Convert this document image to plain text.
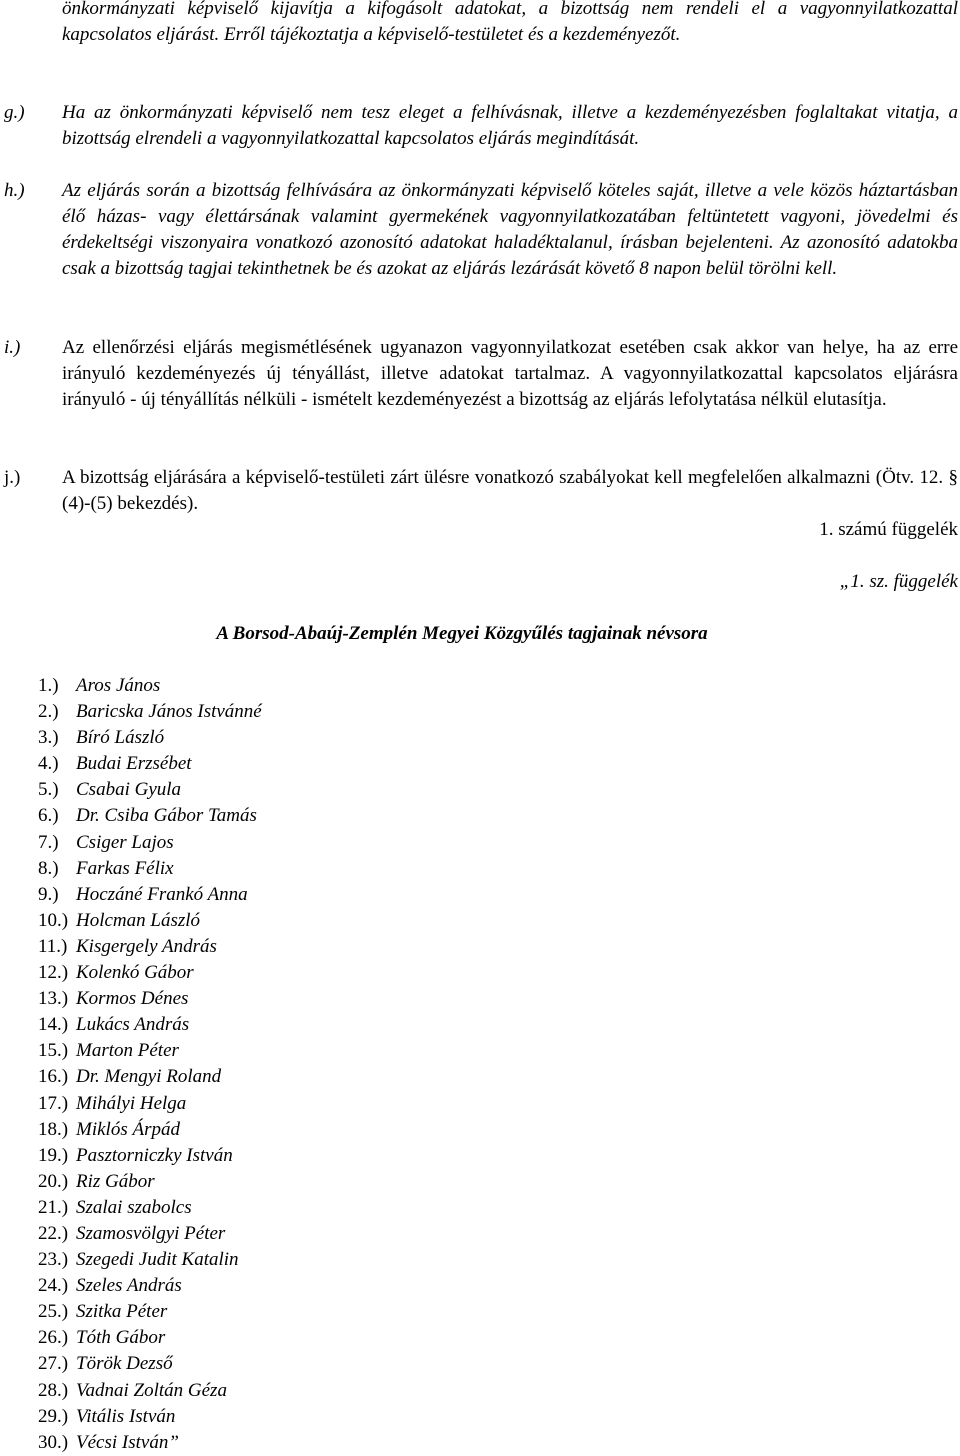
önkormányzati képviselő kijavítja a kifogásolt adatokat, a bizottság nem rendeli el a vagyonnyilatkozattal kapcsolatos eljárást. Erről tájékoztatja a képviselő-testületet és a kezdeményezőt.
g.) Ha az önkormányzati képviselő nem tesz eleget a felhívásnak, illetve a kezdeményezésben foglaltakat vitatja, a bizottság elrendeli a vagyonnyilatkozattal kapcsolatos eljárás megindítását.
h.) Az eljárás során a bizottság felhívására az önkormányzati képviselő köteles saját, illetve a vele közös háztartásban élő házas- vagy élettársának valamint gyermekének vagyonnyilatkozatában feltüntetett vagyoni, jövedelmi és érdekeltségi viszonyaira vonatkozó azonosító adatokat haladéktalanul, írásban bejelenteni. Az azonosító adatokba csak a bizottság tagjai tekinthetnek be és azokat az eljárás lezárását követő 8 napon belül törölni kell.
i.) Az ellenőrzési eljárás megismétlésének ugyanazon vagyonnyilatkozat esetében csak akkor van helye, ha az erre irányuló kezdeményezés új tényállást, illetve adatokat tartalmaz. A vagyonnyilatkozattal kapcsolatos eljárásra irányuló - új tényállítás nélküli - ismételt kezdeményezést a bizottság az eljárás lefolytatása nélkül elutasítja.
j.) A bizottság eljárására a képviselő-testületi zárt ülésre vonatkozó szabályokat kell megfelelően alkalmazni (Ötv. 12. § (4)-(5) bekezdés).
1. számú függelék
„1. sz. függelék
A Borsod-Abaúj-Zemplén Megyei Közgyűlés tagjainak névsora
1.) Aros János
2.) Baricska János Istvánné
3.) Bíró László
4.) Budai Erzsébet
5.) Csabai Gyula
6.) Dr. Csiba Gábor Tamás
7.) Csiger Lajos
8.) Farkas Félix
9.) Hoczáné Frankó Anna
10.) Holcman László
11.) Kisgergely András
12.) Kolenkó Gábor
13.) Kormos Dénes
14.) Lukács András
15.) Marton Péter
16.) Dr. Mengyi Roland
17.) Mihályi Helga
18.) Miklós Árpád
19.) Pasztorniczky István
20.) Riz Gábor
21.) Szalai szabolcs
22.) Szamosvölgyi Péter
23.) Szegedi Judit Katalin
24.) Szeles András
25.) Szitka Péter
26.) Tóth Gábor
27.) Török Dezső
28.) Vadnai Zoltán Géza
29.) Vitális István
30.) Vécsi István”
